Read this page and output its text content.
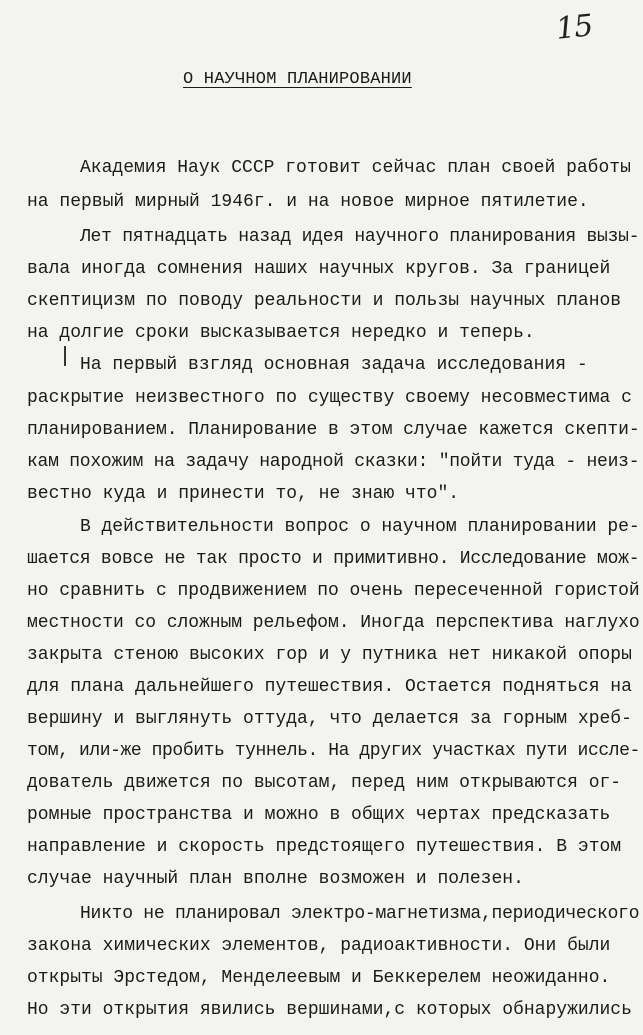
15
О НАУЧНОМ ПЛАНИРОВАНИИ
Академия Наук СССР готовит сейчас план своей работы
на первый мирный 1946г. и на новое мирное пятилетие.
Лет пятнадцать назад идея научного планирования вызы-
вала иногда сомнения наших научных кругов. За границей
скептицизм по поводу реальности и пользы научных планов
на долгие сроки высказывается нередко и теперь.
На первый взгляд основная задача исследования -
раскрытие неизвестного по существу своему несовместима с
планированием. Планирование в этом случае кажется скепти-
кам похожим на задачу народной сказки: "пойти туда - неиз-
вестно куда и принести то, не знаю что".
В действительности вопрос о научном планировании ре-
шается вовсе не так просто и примитивно. Исследование мож-
но сравнить с продвижением по очень пересеченной гористой
местности со сложным рельефом. Иногда перспектива наглухо
закрыта стеною высоких гор и у путника нет никакой опоры
для плана дальнейшего путешествия. Остается подняться на
вершину и выглянуть оттуда, что делается за горным хреб-
том, или-же пробить туннель. На других участках пути иссле-
дователь движется по высотам, перед ним открываются ог-
ромные пространства и можно в общих чертах предсказать
направление и скорость предстоящего путешествия. В этом
случае научный план вполне возможен и полезен.
Никто не планировал электро-магнетизма,периодического
закона химических элементов, радиоактивности. Они были
открыты Эрстедом, Менделеевым и Беккерелем неожиданно.
Но эти открытия явились вершинами,с которых обнаружились
